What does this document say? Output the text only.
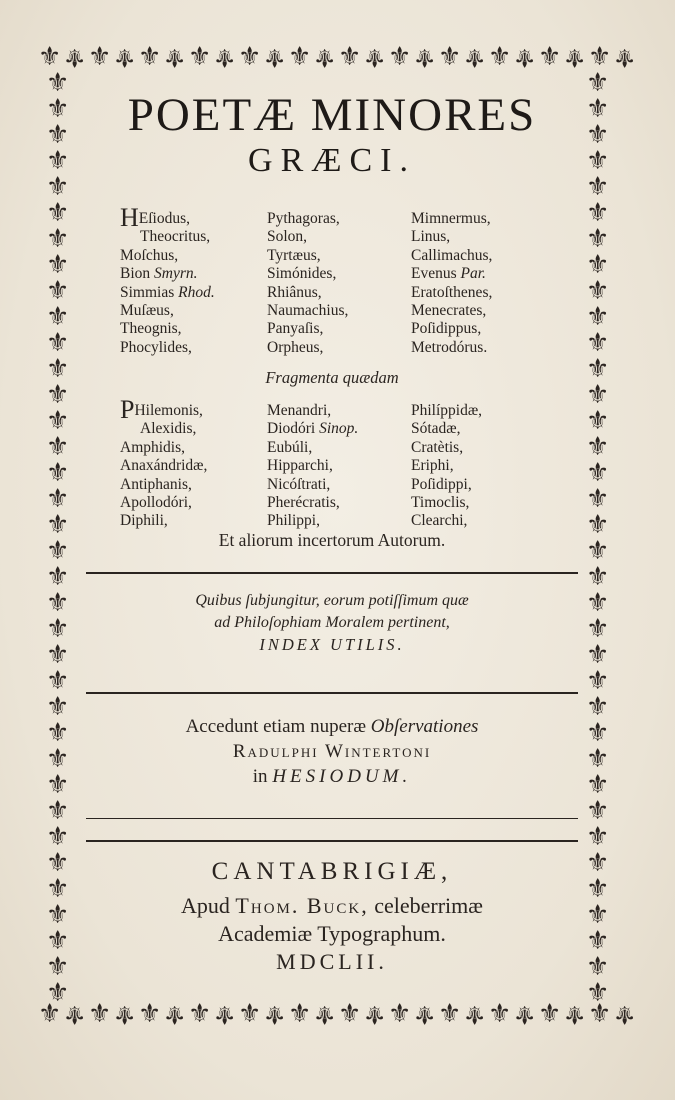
⚜ ⚜ ⚜ ⚜ ⚜ ⚜ ⚜ ⚜ ⚜ ⚜ ⚜ ⚜ ⚜ ⚜ ⚜ ⚜ ⚜ ⚜ ⚜ ⚜ ⚜ ⚜ ⚜ ⚜
⚜ ⚜ ⚜ ⚜ ⚜ ⚜ ⚜ ⚜ ⚜ ⚜ ⚜ ⚜ ⚜ ⚜ ⚜ ⚜ ⚜ ⚜ ⚜ ⚜ ⚜ ⚜ ⚜ ⚜
⚜
⚜
⚜
⚜
⚜
⚜
⚜
⚜
⚜
⚜
⚜
⚜
⚜
⚜
⚜
⚜
⚜
⚜
⚜
⚜
⚜
⚜
⚜
⚜
⚜
⚜
⚜
⚜
⚜
⚜
⚜
⚜
⚜
⚜
⚜
⚜
⚜
⚜
⚜
⚜
⚜
⚜
⚜
⚜
⚜
⚜
⚜
⚜
⚜
⚜
⚜
⚜
⚜
⚜
⚜
⚜
⚜
⚜
⚜
⚜
⚜
⚜
⚜
⚜
⚜
⚜
⚜
⚜
⚜
⚜
⚜
⚜
POETÆ MINORES
GRÆCI.
HEſiodus,
Theocritus,
Moſchus,
Bion Smyrn.
Simmias Rhod.
Muſæus,
Theognis,
Phocylides,
Pythagoras,
Solon,
Tyrtæus,
Simónides,
Rhiânus,
Naumachius,
Panyaſis,
Orpheus,
Mimnermus,
Linus,
Callimachus,
Evenus Par.
Eratoſthenes,
Menecrates,
Poſidippus,
Metrodórus.
Fragmenta quædam
PHilemonis,
Alexidis,
Amphidis,
Anaxándridæ,
Antiphanis,
Apollodóri,
Diphili,
Menandri,
Diodóri Sinop.
Eubúli,
Hipparchi,
Nicóſtrati,
Pherécratis,
Philippi,
Philíppidæ,
Sótadæ,
Cratètis,
Eriphi,
Poſidippi,
Timoclis,
Clearchi,
Et aliorum incertorum Autorum.
Quibus ſubjungitur, eorum potiſſimum quæ
ad Philoſophiam Moralem pertinent,
INDEX UTILIS.
Accedunt etiam nuperæ Obſervationes
Radulphi Wintertoni
in HESIODUM.
CANTABRIGIÆ,
Apud Thom. Buck, celeberrimæ
Academiæ Typographum.
MDCLII.
